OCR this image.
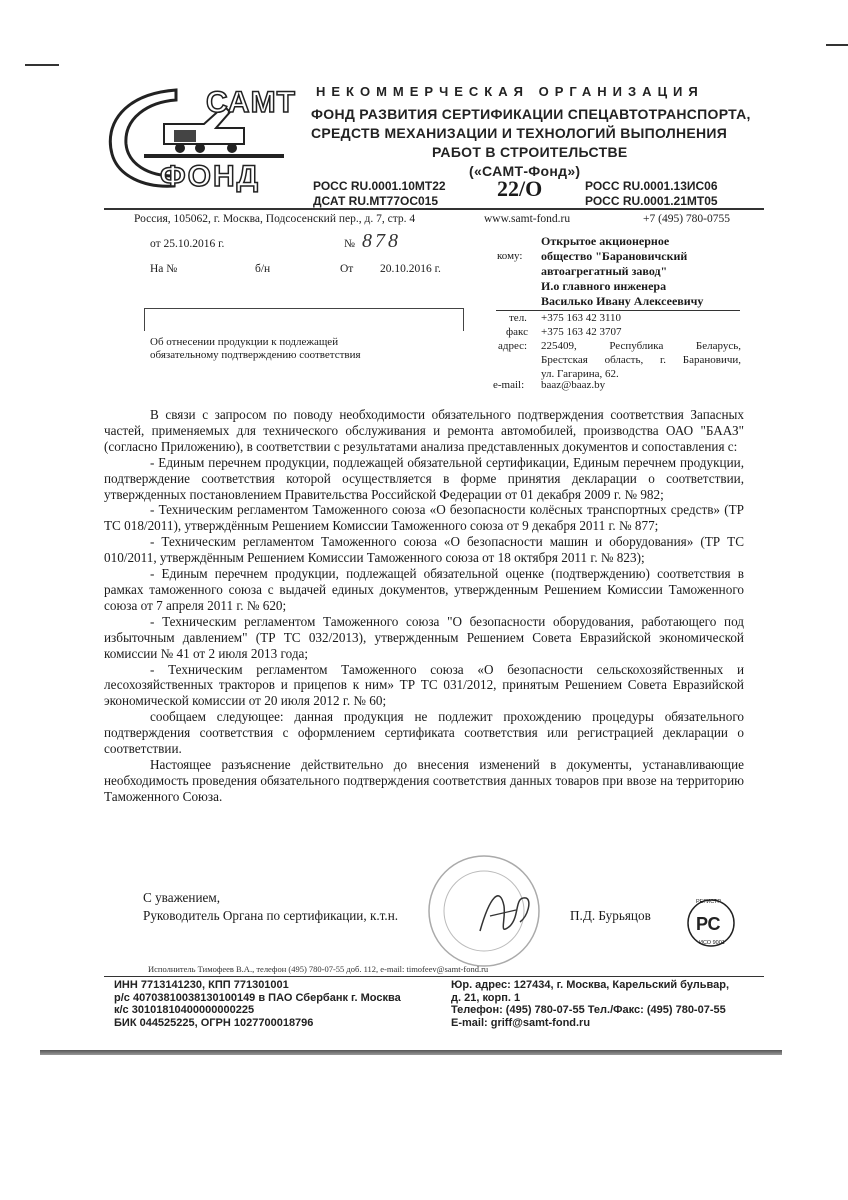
САМТ
ФОНД
НЕКОММЕРЧЕСКАЯ ОРГАНИЗАЦИЯ
ФОНД РАЗВИТИЯ СЕРТИФИКАЦИИ СПЕЦАВТОТРАНСПОРТА,
СРЕДСТВ МЕХАНИЗАЦИИ И ТЕХНОЛОГИЙ ВЫПОЛНЕНИЯ
РАБОТ В СТРОИТЕЛЬСТВЕ
(«САМТ-Фонд»)
РОСС RU.0001.10МТ22
ДСАТ RU.MT77OC015	22/О	РОСС RU.0001.13ИС06
РОСС RU.0001.21МТ05
Россия, 105062, г. Москва, Подсосенский пер., д. 7, стр. 4	www.samt-fond.ru	+7 (495) 780-0755
от 25.10.2016 г.	№ 878
На №	б/н	От 20.10.2016 г.
Об отнесении продукции к подлежащей
обязательному подтверждению соответствия
кому:
Открытое акционерное
общество "Барановичский
автоагрегатный завод"
И.о главного инженера
Василько Ивану Алексеевичу
тел. +375 163 42 3110
факс +375 163 42 3707
адрес: 225409, Республика Беларусь,
Брестская область, г. Барановичи,
ул. Гагарина, 62.
e-mail: baaz@baaz.by

В связи с запросом по поводу необходимости обязательного подтверждения соответствия Запасных частей, применяемых для технического обслуживания и ремонта автомобилей, производства ОАО "БААЗ" (согласно Приложению), в соответствии с результатами анализа представленных документов и сопоставления с:

- Единым перечнем продукции, подлежащей обязательной сертификации, Единым перечнем продукции, подтверждение соответствия которой осуществляется в форме принятия декларации о соответствии, утвержденных постановлением Правительства Российской Федерации от 01 декабря 2009 г. № 982;

- Техническим регламентом Таможенного союза «О безопасности колёсных транспортных средств» (ТР ТС 018/2011), утверждённым Решением Комиссии Таможенного союза от 9 декабря 2011 г. № 877;

- Техническим регламентом Таможенного союза «О безопасности машин и оборудования» (ТР ТС 010/2011, утверждённым Решением Комиссии Таможенного союза от 18 октября 2011 г. № 823);

- Единым перечнем продукции, подлежащей обязательной оценке (подтверждению) соответствия в рамках таможенного союза с выдачей единых документов, утвержденным Решением Комиссии Таможенного союза от 7 апреля 2011 г. № 620;

- Техническим регламентом Таможенного союза "О безопасности оборудования, работающего под избыточным давлением" (ТР ТС 032/2013), утвержденным Решением Совета Евразийской экономической комиссии № 41 от 2 июля 2013 года;

- Техническим регламентом Таможенного союза «О безопасности сельскохозяйственных и лесохозяйственных тракторов и прицепов к ним» ТР ТС 031/2012, принятым Решением Совета Евразийской экономической комиссии от 20 июля 2012 г. № 60;

сообщаем следующее: данная продукция не подлежит прохождению процедуры обязательного подтверждения соответствия с оформлением сертификата соответствия или регистрацией декларации о соответствии.

Настоящее разъяснение действительно до внесения изменений в документы, устанавливающие необходимость проведения обязательного подтверждения соответствия данных товаров при ввозе на территорию Таможенного Союза.

С уважением,
Руководитель Органа по сертификации, к.т.н.	П.Д. Бурьяцов	РС
РЕГИСТР
ИСО 9001
Исполнитель Тимофеев В.А., телефон (495) 780-07-55 доб. 112, e-mail: timofeev@samt-fond.ru
ИНН 7713141230, КПП 771301001
р/с 40703810038130100149 в ПАО Сбербанк г. Москва
к/с 30101810400000000225
БИК 044525225, ОГРН 1027700018796
Юр. адрес: 127434, г. Москва, Карельский бульвар,
д. 21, корп. 1
Телефон: (495) 780-07-55 Тел./Факс: (495) 780-07-55
E-mail: griff@samt-fond.ru
